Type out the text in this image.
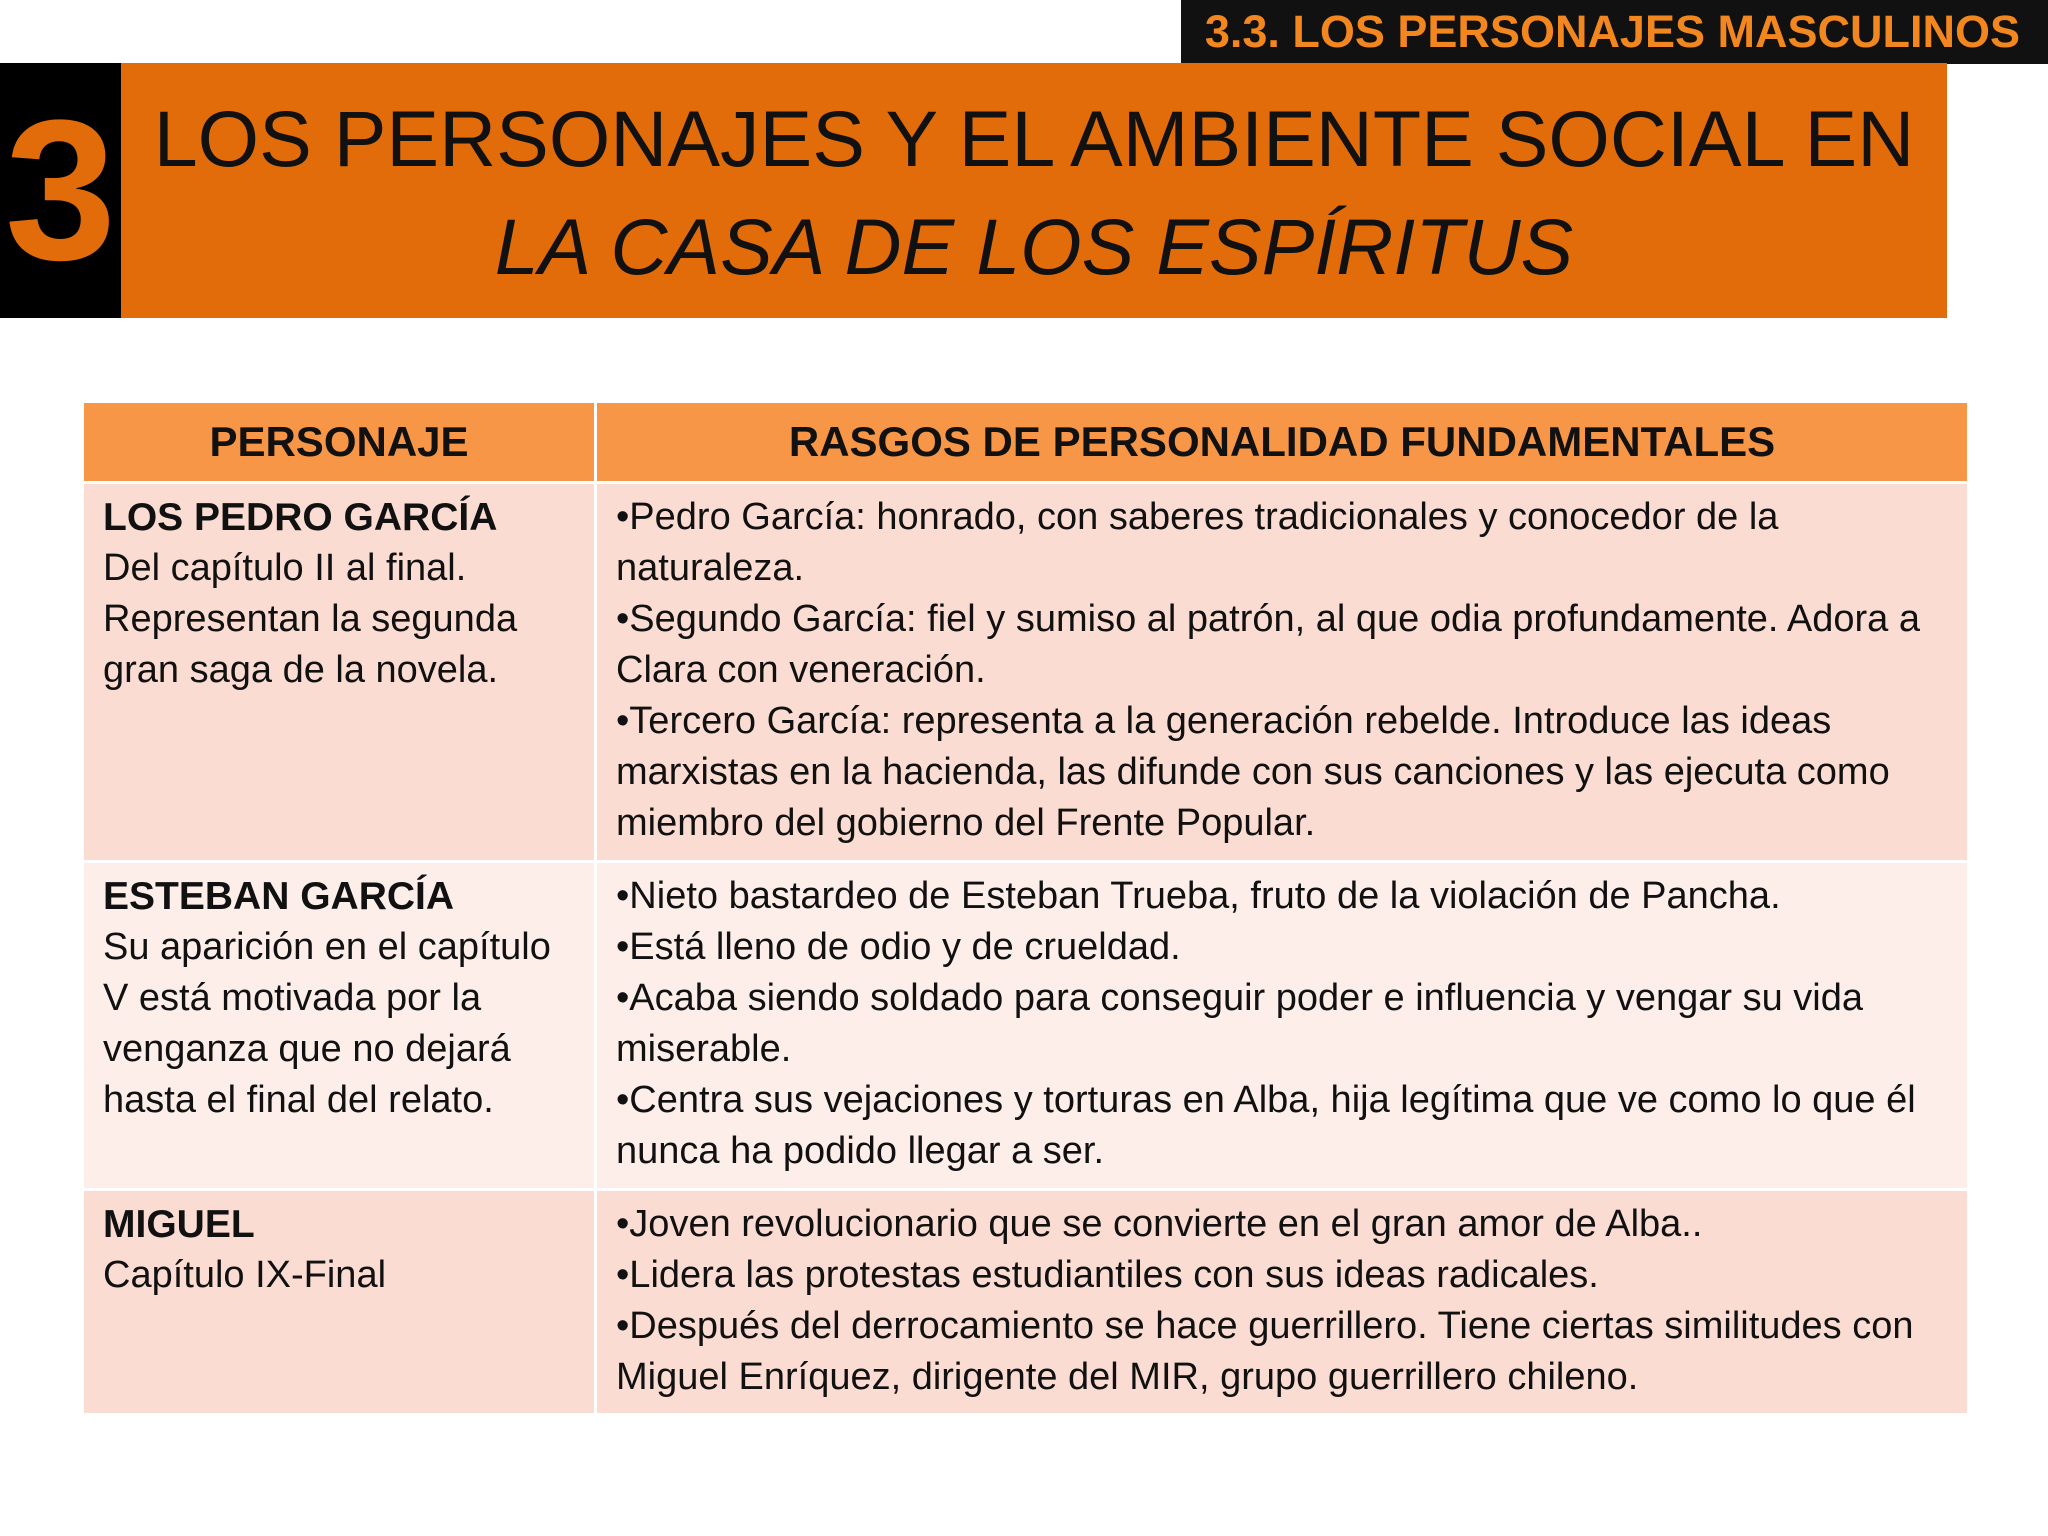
3.3. LOS PERSONAJES MASCULINOS
3 LOS PERSONAJES Y EL AMBIENTE SOCIAL EN
LA CASA DE LOS ESPÍRITUS
PERSONAJE	RASGOS DE PERSONALIDAD FUNDAMENTALES

LOS PEDRO GARCÍA
Del capítulo II al final. Representan la segunda gran saga de la novela.	•Pedro García: honrado, con saberes tradicionales y conocedor de la naturaleza.
•Segundo García: fiel y sumiso al patrón, al que odia profundamente. Adora a Clara con veneración.
•Tercero García: representa a la generación rebelde. Introduce las ideas marxistas en la hacienda, las difunde con sus canciones y las ejecuta como miembro del gobierno del Frente Popular.

ESTEBAN GARCÍA
Su aparición en el capítulo V está motivada por la venganza que no dejará hasta el final del relato.	•Nieto bastardeo de Esteban Trueba, fruto de la violación de Pancha.
•Está lleno de odio y de crueldad.
•Acaba siendo soldado para conseguir poder e influencia y vengar su vida miserable.
•Centra sus vejaciones y torturas en Alba, hija legítima que ve como lo que él nunca ha podido llegar a ser.

MIGUEL
Capítulo IX-Final	•Joven revolucionario que se convierte en el gran amor de Alba..
•Lidera las protestas estudiantiles con sus ideas radicales.
•Después del derrocamiento se hace guerrillero. Tiene ciertas similitudes con Miguel Enríquez, dirigente del MIR, grupo guerrillero chileno.
